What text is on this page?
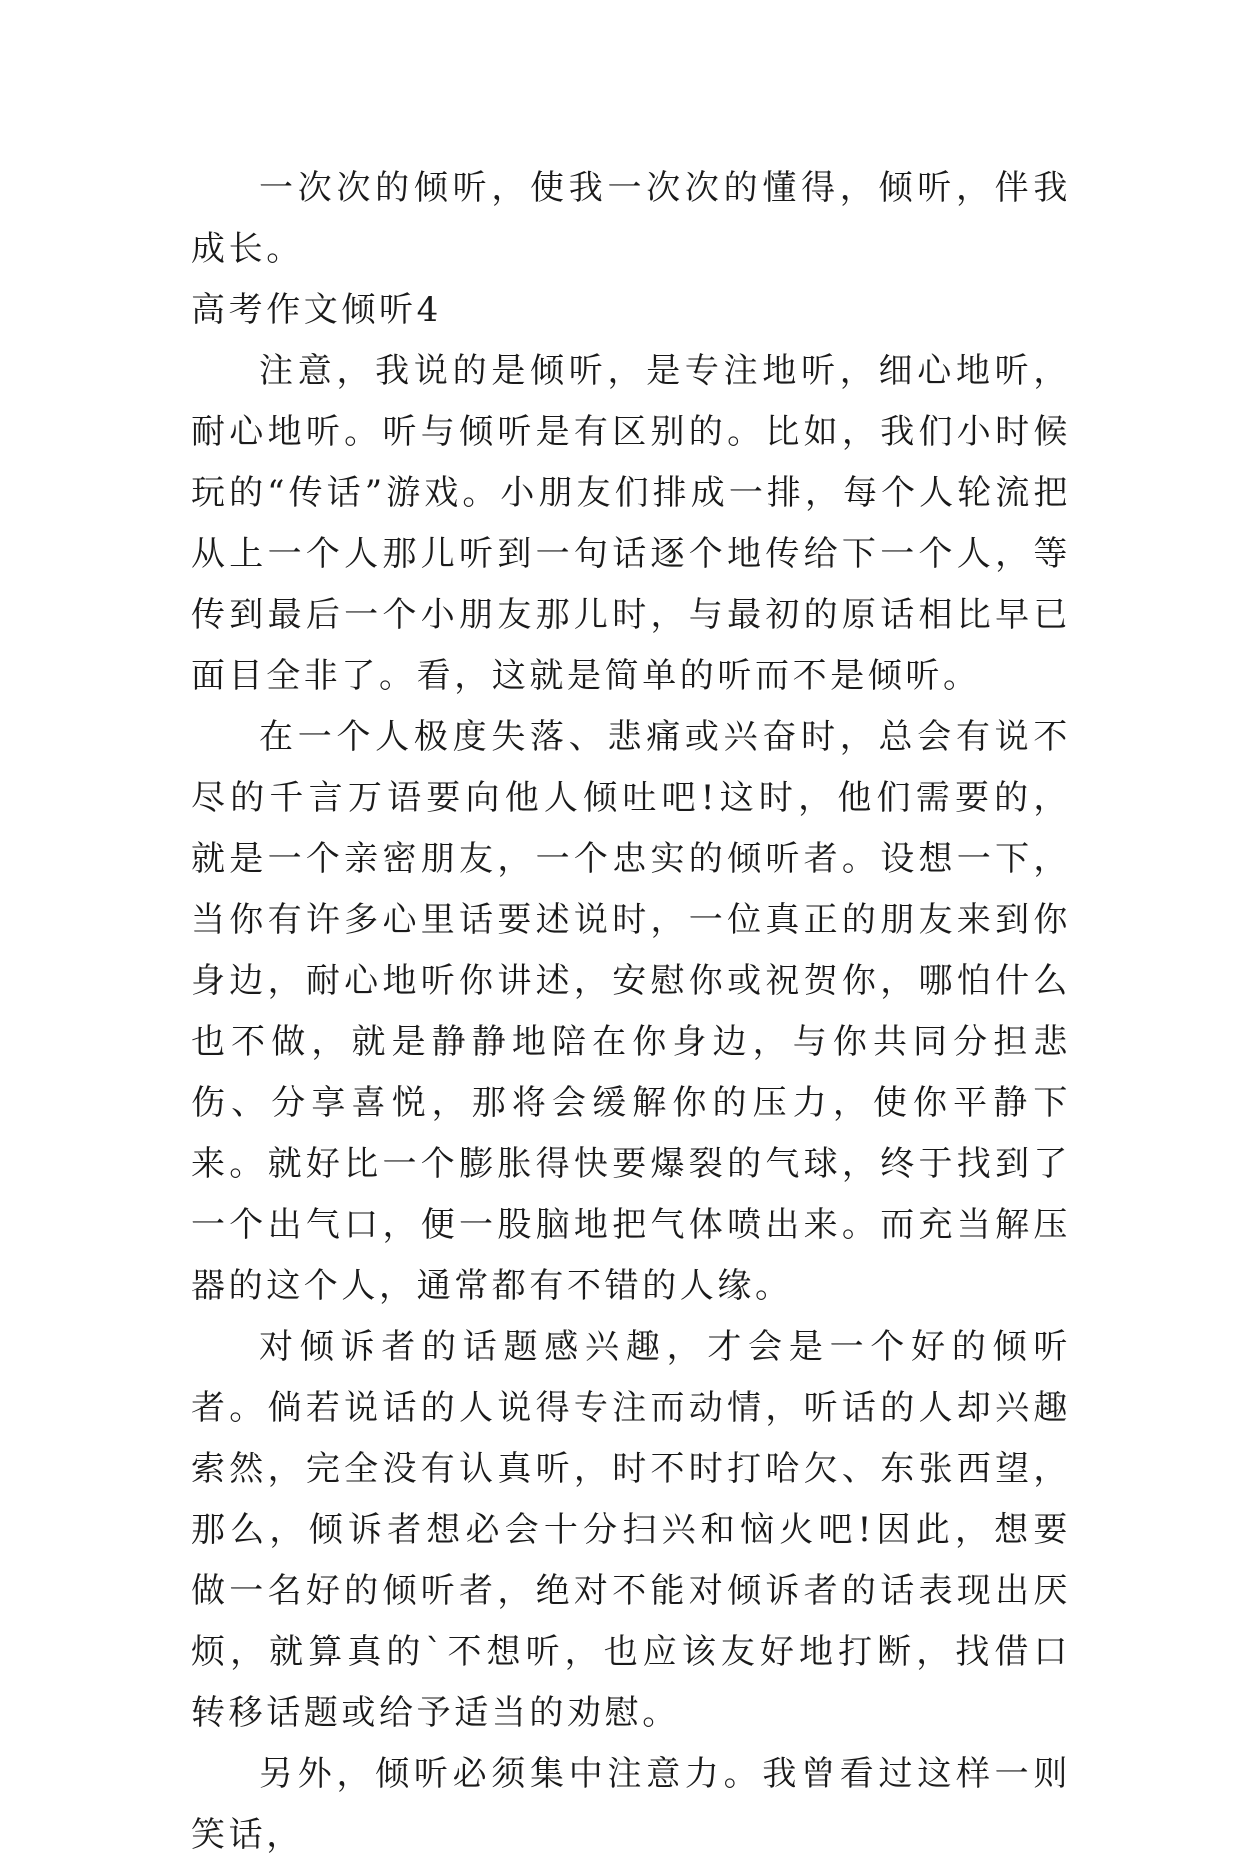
一次次的倾听，使我一次次的懂得，倾听，伴我成长。

高考作文倾听4

注意，我说的是倾听，是专注地听，细心地听，耐心地听。听与倾听是有区别的。比如，我们小时候玩的“传话”游戏。小朋友们排成一排，每个人轮流把从上一个人那儿听到一句话逐个地传给下一个人，等传到最后一个小朋友那儿时，与最初的原话相比早已面目全非了。看，这就是简单的听而不是倾听。

在一个人极度失落、悲痛或兴奋时，总会有说不尽的千言万语要向他人倾吐吧!这时，他们需要的，就是一个亲密朋友，一个忠实的倾听者。设想一下，当你有许多心里话要述说时，一位真正的朋友来到你身边，耐心地听你讲述，安慰你或祝贺你，哪怕什么也不做，就是静静地陪在你身边，与你共同分担悲伤、分享喜悦，那将会缓解你的压力，使你平静下来。就好比一个膨胀得快要爆裂的气球，终于找到了一个出气口，便一股脑地把气体喷出来。而充当解压器的这个人，通常都有不错的人缘。

对倾诉者的话题感兴趣，才会是一个好的倾听者。倘若说话的人说得专注而动情，听话的人却兴趣索然，完全没有认真听，时不时打哈欠、东张西望，那么，倾诉者想必会十分扫兴和恼火吧!因此，想要做一名好的倾听者，绝对不能对倾诉者的话表现出厌烦，就算真的`不想听，也应该友好地打断，找借口转移话题或给予适当的劝慰。

另外，倾听必须集中注意力。我曾看过这样一则笑话，
